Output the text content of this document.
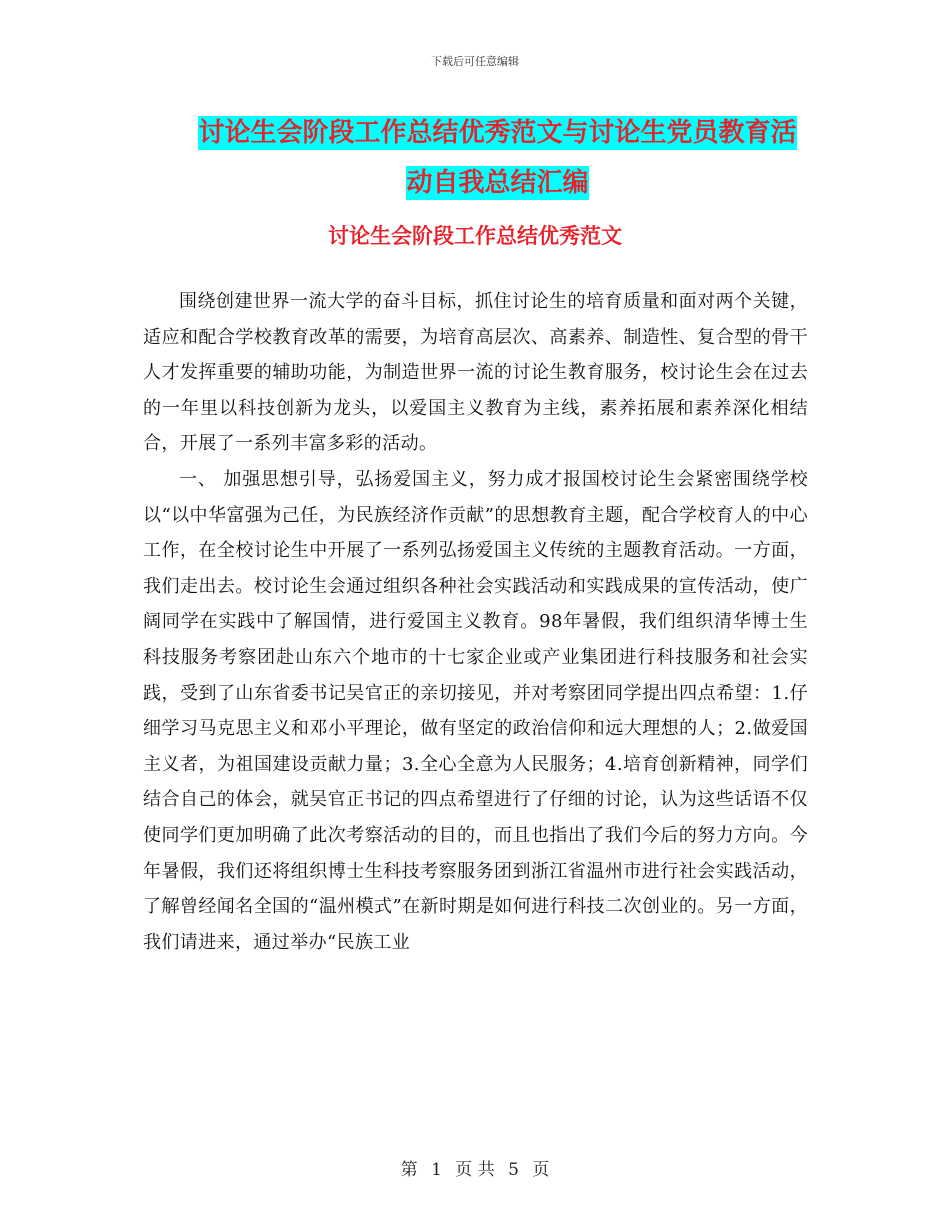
下载后可任意编辑
讨论生会阶段工作总结优秀范文与讨论生党员教育活
动自我总结汇编
讨论生会阶段工作总结优秀范文

围绕创建世界一流大学的奋斗目标，抓住讨论生的培育质量和面对两个关键，适应和配合学校教育改革的需要，为培育高层次、高素养、制造性、复合型的骨干人才发挥重要的辅助功能，为制造世界一流的讨论生教育服务，校讨论生会在过去的一年里以科技创新为龙头，以爱国主义教育为主线，素养拓展和素养深化相结合，开展了一系列丰富多彩的活动。

一、 加强思想引导，弘扬爱国主义，努力成才报国校讨论生会紧密围绕学校以“以中华富强为己任，为民族经济作贡献”的思想教育主题，配合学校育人的中心工作，在全校讨论生中开展了一系列弘扬爱国主义传统的主题教育活动。一方面，我们走出去。校讨论生会通过组织各种社会实践活动和实践成果的宣传活动，使广阔同学在实践中了解国情，进行爱国主义教育。98年暑假，我们组织清华博士生科技服务考察团赴山东六个地市的十七家企业或产业集团进行科技服务和社会实践，受到了山东省委书记吴官正的亲切接见，并对考察团同学提出四点希望：1.仔细学习马克思主义和邓小平理论，做有坚定的政治信仰和远大理想的人；2.做爱国主义者，为祖国建设贡献力量；3.全心全意为人民服务；4.培育创新精神，同学们结合自己的体会，就吴官正书记的四点希望进行了仔细的讨论，认为这些话语不仅使同学们更加明确了此次考察活动的目的，而且也指出了我们今后的努力方向。今年暑假，我们还将组织博士生科技考察服务团到浙江省温州市进行社会实践活动，了解曾经闻名全国的“温州模式”在新时期是如何进行科技二次创业的。另一方面，我们请进来，通过举办“民族工业

第 1 页 共 5 页
